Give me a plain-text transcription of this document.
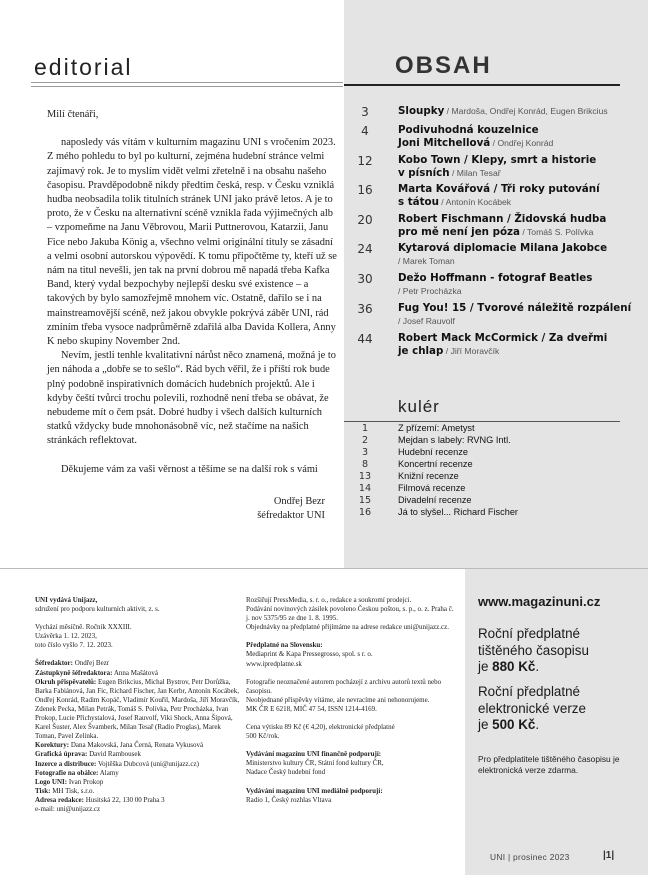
editorial	OBSAH

Milí čtenáři,

naposledy vás vítám v kulturním magazínu UNI s vročením 2023. Z mého pohledu to byl po kulturní, zejména hudební stránce velmi zajímavý rok. Je to myslím vidět velmi zřetelně i na obsahu našeho časopisu. Pravděpodobně nikdy předtím česká, resp. v Česku vzniklá hudba neobsadila tolik titulních stránek UNI jako právě letos. A je to proto, že v Česku na alternativní scéně vznikla řada výjimečných alb – vzpomeňme na Janu Věbrovou, Marii Puttnerovou, Katarzii, Janu Fice nebo Jakuba König a, všechno velmi originální tituly se zásadní a velmi osobní autorskou výpovědí. K tomu připočtěme ty, kteří už se nám na titul nevešli, jen tak na první dobrou mě napadá třeba Kafka Band, který vydal bezpochyby nejlepší desku své existence – a takových by bylo samozřejmě mnohem víc. Ostatně, dařilo se i na mainstreamovější scéně, než jakou obvykle pokrývá záběr UNI, rád zmíním třeba vysoce nadprůměrně zdařilá alba Davida Kollera, Anny K nebo skupiny November 2nd.

Nevím, jestli tenhle kvalitativní nárůst něco znamená, možná je to jen náhoda a „dobře se to sešlo“. Rád bych věřil, že i příští rok bude plný podobně inspirativních domácích hudebních projektů. Ale i kdyby čeští tvůrci trochu polevili, rozhodně není třeba se obávat, že nebudeme mít o čem psát. Dobré hudby i všech dalších kulturních statků vždycky bude mnohonásobně víc, než stačíme na našich stránkách reflektovat.

Děkujeme vám za vaši věrnost a těšíme se na další rok s vámi

Ondřej Bezr
šéfredaktor UNI
3	Sloupky / Mardoša, Ondřej Konrád, Eugen Brikcius
4	Podivuhodná kouzelnice
Joni Mitchellová / Ondřej Konrád
12	Kobo Town / Klepy, smrt a historie
v písních / Milan Tesař
16	Marta Kovářová / Tři roky putování
s tátou / Antonín Kocábek
20	Robert Fischmann / Židovská hudba
pro mě není jen póza / Tomáš S. Polívka
24	Kytarová diplomacie Milana Jakobce
/ Marek Toman
30	Dežo Hoffmann - fotograf Beatles
/ Petr Procházka
36	Fug You! 15 / Tvorové náležitě rozpálení
/ Josef Rauvolf
44	Robert Mack McCormick / Za dveřmi
je chlap / Jiří Moravčík
kulér
1	Z přízemí: Ametyst
2	Mejdan s labely: RVNG Intl.
3	Hudební recenze
8	Koncertní recenze
13	Knižní recenze
14	Filmová recenze
15	Divadelní recenze
16	Já to slyšel... Richard Fischer
UNI vydává Unijazz,
sdružení pro podporu kulturních aktivit, z. s.
Vychází měsíčně. Ročník XXXIII.
Uzávěrka 1. 12. 2023,
toto číslo vyšlo 7. 12. 2023.
Šéfredaktor: Ondřej Bezr
Zástupkyně šéfredaktora: Anna Mašátová
Okruh přispěvatelů: Eugen Brikcius, Michal Bystrov, Petr Dorůžka, Barka Fabiánová, Jan Fic, Richard Fischer, Jan Kerbr, Antonín Kocábek, Ondřej Konrád, Radim Kopáč, Vladimír Kouřil, Mardoša, Jiří Moravčík, Zdenek Pecka, Milan Petrák, Tomáš S. Polívka, Petr Procházka, Ivan Prokop, Lucie Přichystalová, Josef Rauvolf, Viki Shock, Anna Šípová, Karel Šuster, Alex Švamberk, Milan Tesař (Radio Proglas), Marek Toman, Pavel Zelinka.
Korektury: Dana Makovská, Jana Černá, Renata Vykusová
Grafická úprava: David Rambousek
Inzerce a distribuce: Vojtěška Dubcová (uni@unijazz.cz)
Fotografie na obálce: Alamy
Logo UNI: Ivan Prokop
Tisk: MH Tisk, s.r.o.
Adresa redakce: Husitská 22, 130 00 Praha 3
e-mail: uni@unijazz.cz
Rozšiřují PressMedia, s. r. o., redakce a soukromí prodejci.
Podávání novinových zásilek povoleno Českou poštou, s. p., o. z. Praha č. j. nov 5375/95 ze dne 1. 8. 1995.
Objednávky na předplatné přijímáme na adrese redakce uni@unijazz.cz.
Předplatné na Slovensku:
Mediaprint & Kapa Pressegrosso, spol. s r. o.
www.ipredplatne.sk
Fotografie neoznačené autorem pocházejí z archivu autorů textů nebo časopisu.
Neobjednané příspěvky vítáme, ale nevracíme ani nehonorujeme.
MK ČR E 6218, MIČ 47 54, ISSN 1214-4169.
Cena výtisku 89 Kč (€ 4,20), elektronické předplatné
500 Kč/rok.
Vydávání magazínu UNI finančně podporují:
Ministerstvo kultury ČR, Státní fond kultury ČR,
Nadace Český hudební fond
Vydávání magazínu UNI mediálně podporují:
Radio 1, Český rozhlas Vltava
www.magazinuni.cz
Roční předplatné
tištěného časopisu
je 880 Kč.
Roční předplatné
elektronické verze
je 500 Kč.
Pro předplatitele tištěného časopisu je elektronická verze zdarma.
UNI | prosinec 2023	|1|
